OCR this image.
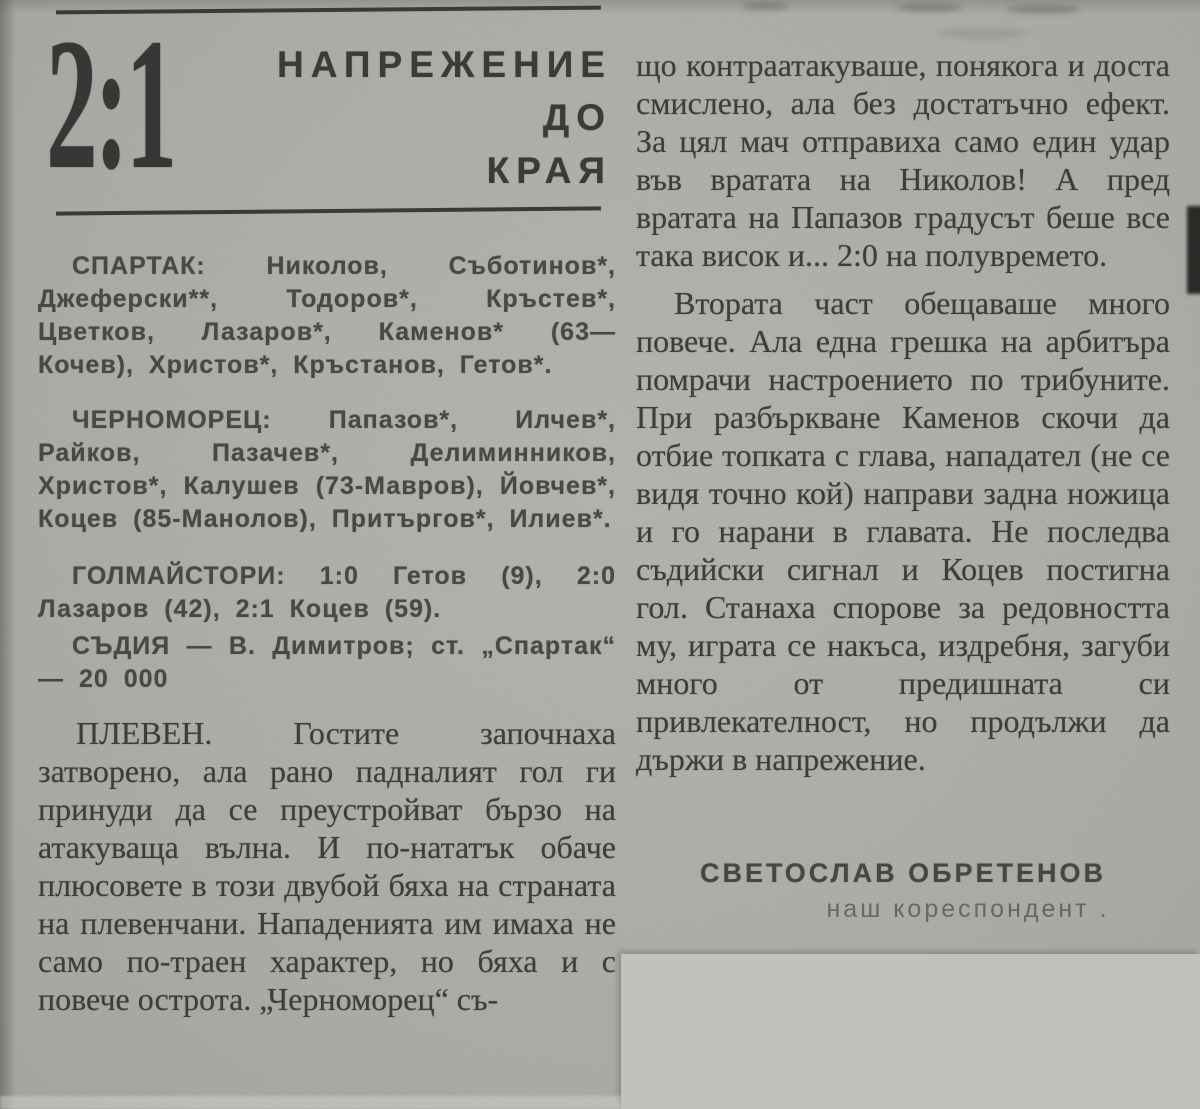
2:1	НАПРЕЖЕНИЕ
ДО
КРАЯ

СПАРТАК: Николов, Съботинов*, Джеферски**, Тодоров*, Кръстев*, Цветков, Лазаров*, Каменов* (63—Кочев), Христов*, Кръстанов, Гетов*.

ЧЕРНОМОРЕЦ: Папазов*, Илчев*, Райков, Пазачев*, Делиминников, Христов*, Калушев (73-Мавров), Йовчев*, Коцев (85-Манолов), Притъргов*, Илиев*.

ГОЛМАЙСТОРИ: 1:0 Гетов (9), 2:0 Лазаров (42), 2:1 Коцев (59).

СЪДИЯ — В. Димитров; ст. „Спартак“ — 20 000

ПЛЕВЕН. Гостите започнаха затворено, ала рано падналият гол ги принуди да се преустройват бързо на атакуваща вълна. И по-нататък обаче плюсовете в този двубой бяха на страната на плевенчани. Нападенията им имаха не само по-траен характер, но бяха и с повече острота. „Черноморец“ съ-

що контраатакуваше, понякога и доста смислено, ала без достатъчно ефект. За цял мач отправиха само един удар във вратата на Николов! А пред вратата на Папазов градусът беше все така висок и... 2:0 на полувремето.

Втората част обещаваше много повече. Ала една грешка на арбитъра помрачи настроението по трибуните. При разбъркване Каменов скочи да отбие топката с глава, нападател (не се видя точно кой) направи задна ножица и го нарани в главата. Не последва съдийски сигнал и Коцев постигна гол. Станаха спорове за редовността му, играта се накъса, издребня, загуби много от предишната си привлекателност, но продължи да държи в напрежение.

СВЕТОСЛАВ ОБРЕТЕНОВ
наш кореспондент .
